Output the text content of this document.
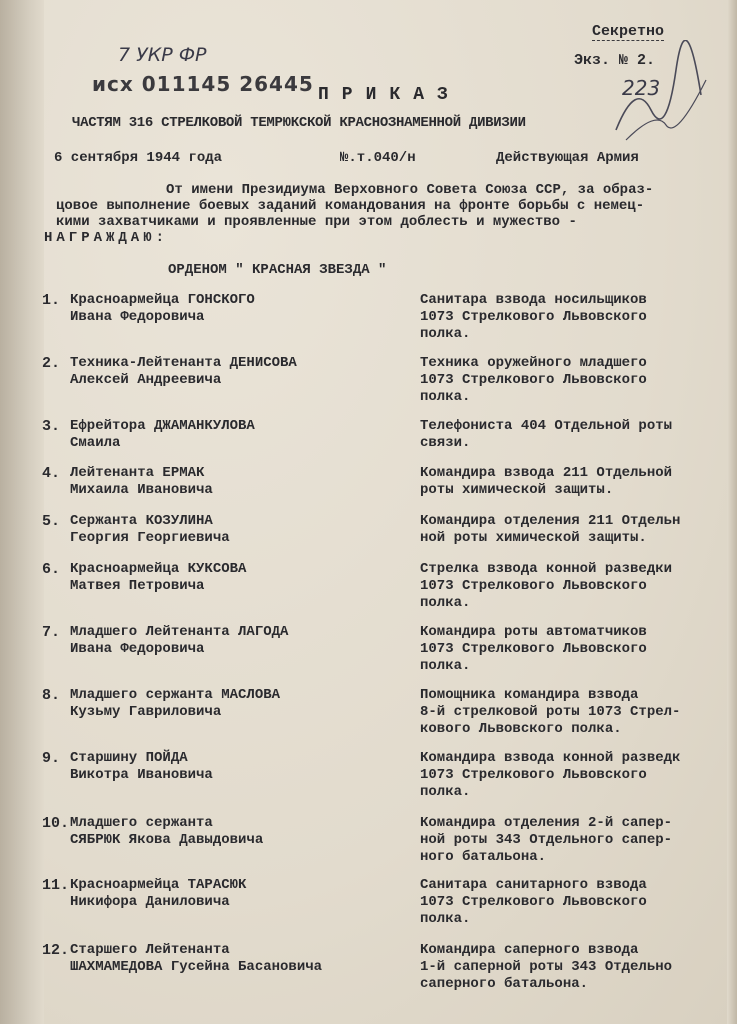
7 УКР ФР
исх 011145 26445
Секретно
Экз. № 2.
223
ПРИКАЗ
ЧАСТЯМ 316 СТРЕЛКОВОЙ ТЕМРЮКСКОЙ КРАСНОЗНАМЕННОЙ ДИВИЗИИ
6 сентября 1944 года	№.т.040/н	Действующая Армия
От имени Президиума Верховного Совета Союза ССР, за образ-
цовое выполнение боевых заданий командования на фронте борьбы с немец-
кими захватчиками и проявленные при этом доблесть и мужество -
НАГРАЖДАЮ:
ОРДЕНОМ " КРАСНАЯ ЗВЕЗДА "
1. Красноармейца ГОНСКОГО
Ивана Федоровича
Санитара взвода носильщиков
1073 Стрелкового Львовского
полка.
2. Техника-Лейтенанта ДЕНИСОВА
Алексей Андреевича
Техника оружейного младшего
1073 Стрелкового Львовского
полка.
3. Ефрейтора ДЖАМАНКУЛОВА
Смаила
Телефониста 404 Отдельной роты
связи.
4. Лейтенанта ЕРМАК
Михаила Ивановича
Командира взвода 211 Отдельной
роты химической защиты.
5. Сержанта КОЗУЛИНА
Георгия Георгиевича
Командира отделения 211 Отдельн
ной роты химической защиты.
6. Красноармейца КУКСОВА
Матвея Петровича
Стрелка взвода конной разведки
1073 Стрелкового Львовского
полка.
7. Младшего Лейтенанта ЛАГОДА
Ивана Федоровича
Командира роты автоматчиков
1073 Стрелкового Львовского
полка.
8. Младшего сержанта МАСЛОВА
Кузьму Гавриловича
Помощника командира взвода
8-й стрелковой роты 1073 Стрел-
кового Львовского полка.
9. Старшину ПОЙДА
Викотра Ивановича
Командира взвода конной разведк
1073 Стрелкового Львовского
полка.
10. Младшего сержанта
СЯБРЮК Якова Давыдовича
Командира отделения 2-й сапер-
ной роты 343 Отдельного сапер-
ного батальона.
11. Красноармейца ТАРАСЮК
Никифора Даниловича
Санитара санитарного взвода
1073 Стрелкового Львовского
полка.
12. Старшего Лейтенанта
ШАХМАМЕДОВА Гусейна Басановича
Командира саперного взвода
1-й саперной роты 343 Отдельно
саперного батальона.
